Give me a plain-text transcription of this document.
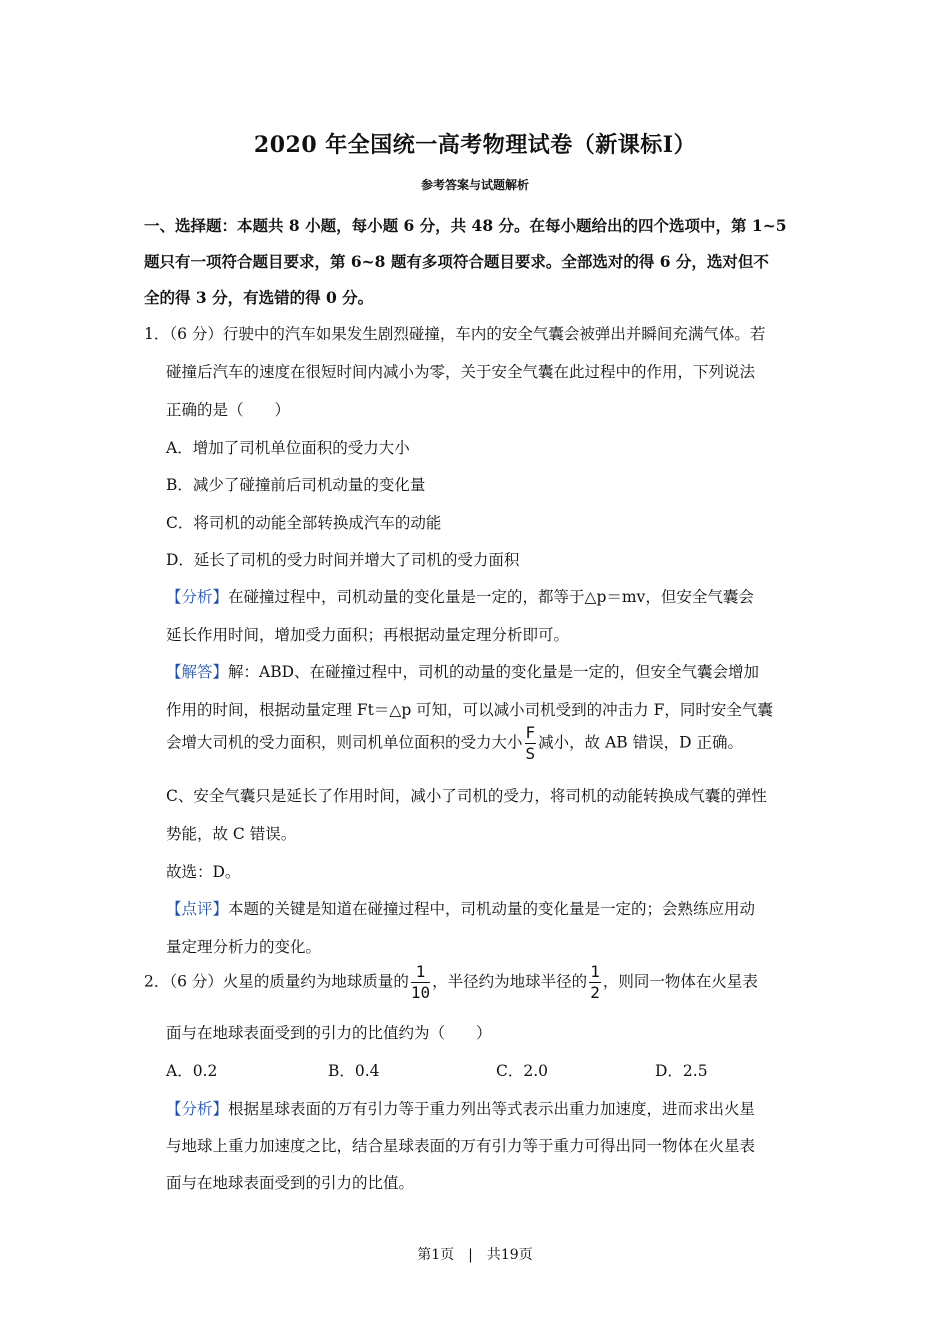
2020 年全国统一高考物理试卷（新课标Ⅰ）
参考答案与试题解析
一、选择题：本题共 8 小题，每小题 6 分，共 48 分。在每小题给出的四个选项中，第 1~5
题只有一项符合题目要求，第 6~8 题有多项符合题目要求。全部选对的得 6 分，选对但不
全的得 3 分，有选错的得 0 分。
1．（6 分）行驶中的汽车如果发生剧烈碰撞，车内的安全气囊会被弹出并瞬间充满气体。若
碰撞后汽车的速度在很短时间内减小为零，关于安全气囊在此过程中的作用，下列说法
正确的是（　　）
A．增加了司机单位面积的受力大小
B．减少了碰撞前后司机动量的变化量
C．将司机的动能全部转换成汽车的动能
D．延长了司机的受力时间并增大了司机的受力面积
【分析】在碰撞过程中，司机动量的变化量是一定的，都等于△p＝mv，但安全气囊会
延长作用时间，增加受力面积；再根据动量定理分析即可。
【解答】解：ABD、在碰撞过程中，司机的动量的变化量是一定的，但安全气囊会增加
作用的时间，根据动量定理 Ft＝△p 可知，可以减小司机受到的冲击力 F，同时安全气囊
会增大司机的受力面积，则司机单位面积的受力大小 $\frac{F}{S}$ 减小，故 AB 错误，D 正确。
C、安全气囊只是延长了作用时间，减小了司机的受力，将司机的动能转换成气囊的弹性
势能，故 C 错误。
故选：D。
【点评】本题的关键是知道在碰撞过程中，司机动量的变化量是一定的；会熟练应用动
量定理分析力的变化。
2．（6 分）火星的质量约为地球质量的 $\frac{1}{10}$ ，半径约为地球半径的 $\frac{1}{2}$ ，则同一物体在火星表
面与在地球表面受到的引力的比值约为（　　）
A．0.2	B．0.4	C．2.0	D．2.5
【分析】根据星球表面的万有引力等于重力列出等式表示出重力加速度，进而求出火星
与地球上重力加速度之比，结合星球表面的万有引力等于重力可得出同一物体在火星表
面与在地球表面受到的引力的比值。
第1页　|　共19页
